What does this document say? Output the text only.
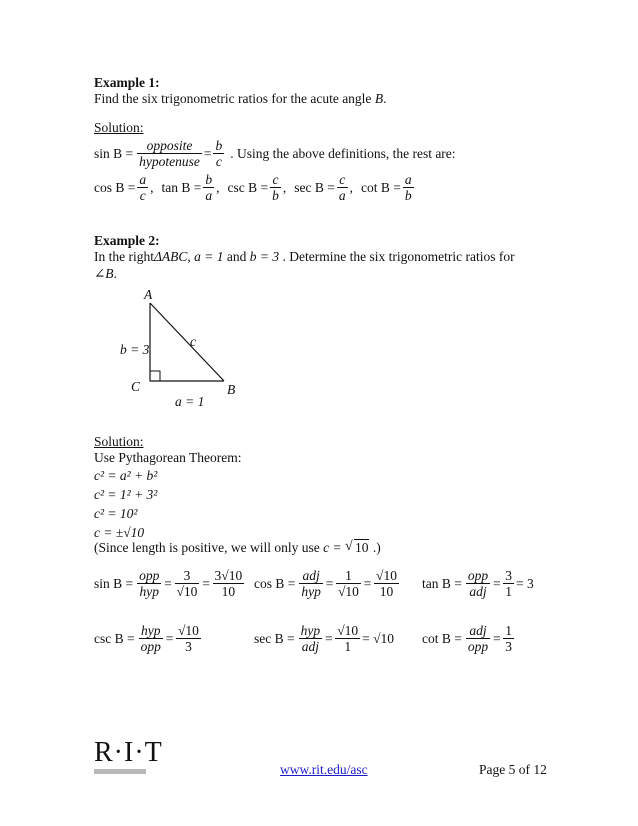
Example 1:
Find the six trigonometric ratios for the acute angle B.
Solution:
$\sin B = \frac{\text{opposite}}{\text{hypotenuse}} = \frac{b}{c}$ . Using the above definitions, the rest are:
$\cos B = \frac{a}{c}$ , $\tan B = \frac{b}{a}$ , $\csc B = \frac{c}{b}$ , $\sec B = \frac{c}{a}$ , $\cot B = \frac{a}{b}$
Example 2:
In the rightΔABC, a = 1 and b = 3 . Determine the six trigonometric ratios for
∠B.
A
c
b = 3
C	B
a = 1
Solution:
Use Pythagorean Theorem:
c² = a² + b²
c² = 1² + 3²
c² = 10²
c = ±√10
(Since length is positive, we will only use c = √ 10 .)
$\sin B = \frac{\text{opp}}{\text{hyp}} = \frac{3}{√10} = \frac{3√10}{10}$ $\cos B = \frac{\text{adj}}{\text{hyp}} = \frac{1}{√10} = \frac{√10}{10}$ $\tan B = \frac{\text{opp}}{\text{adj}} = \frac{3}{1} = 3$
$\csc B = \frac{\text{hyp}}{\text{opp}} = \frac{√10}{3}$	$\sec B = \frac{\text{hyp}}{\text{adj}} = \frac{√10}{1} = √10$ $\cot B = \frac{\text{adj}}{\text{opp}} = \frac{1}{3}$
R·I·T
www.rit.edu/asc	Page 5 of 12
